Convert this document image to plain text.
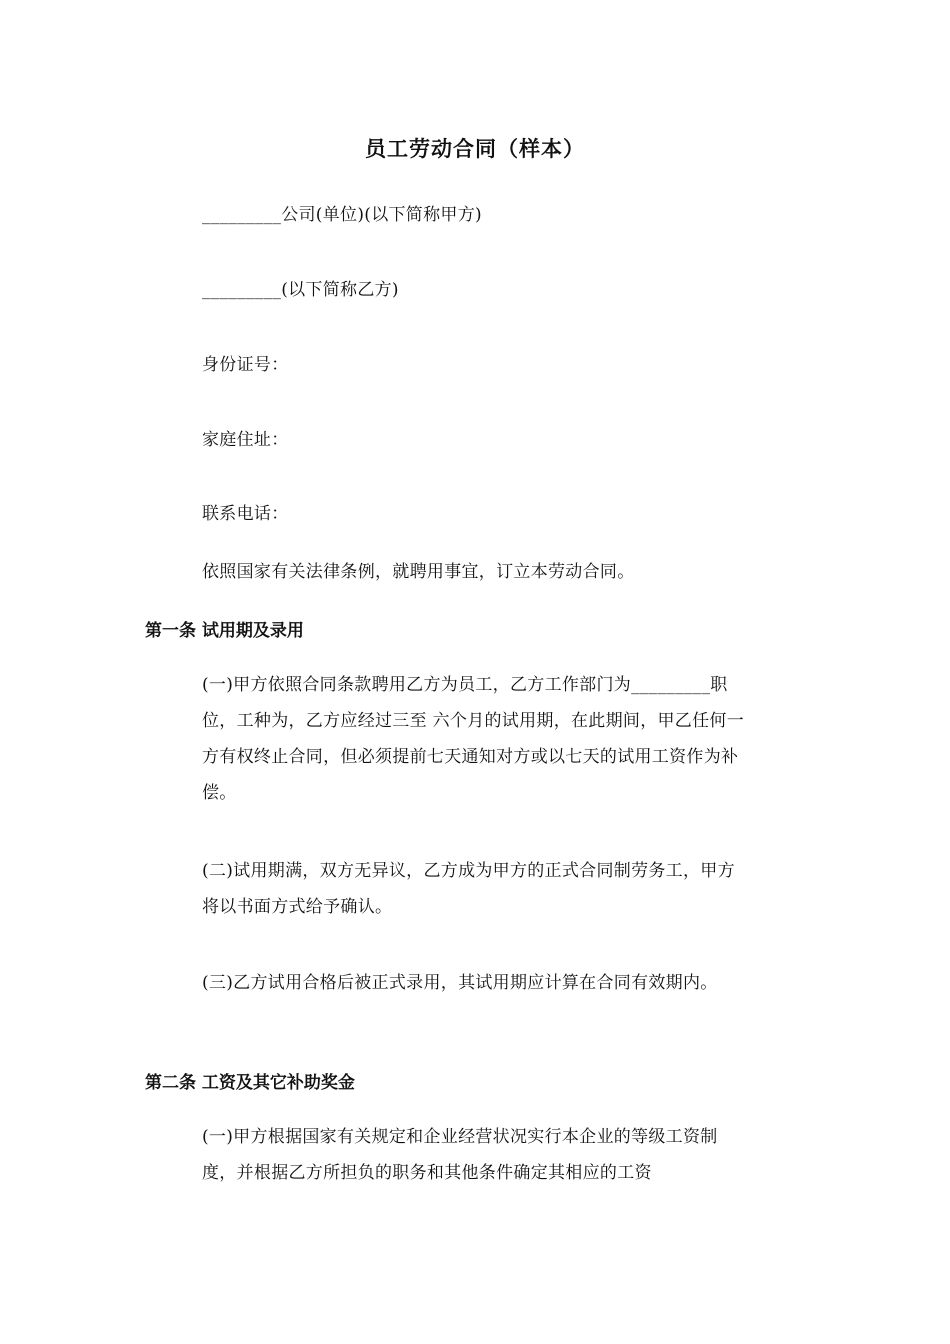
员工劳动合同（样本）
_________公司(单位)(以下简称甲方)
_________(以下简称乙方)
身份证号：
家庭住址：
联系电话：
依照国家有关法律条例，就聘用事宜，订立本劳动合同。
第一条 试用期及录用
(一)甲方依照合同条款聘用乙方为员工，乙方工作部门为_________职位，工种为，乙方应经过三至 六个月的试用期，在此期间，甲乙任何一方有权终止合同，但必须提前七天通知对方或以七天的试用工资作为补偿。
(二)试用期满，双方无异议，乙方成为甲方的正式合同制劳务工，甲方将以书面方式给予确认。
(三)乙方试用合格后被正式录用，其试用期应计算在合同有效期内。
第二条 工资及其它补助奖金
(一)甲方根据国家有关规定和企业经营状况实行本企业的等级工资制度，并根据乙方所担负的职务和其他条件确定其相应的工资
